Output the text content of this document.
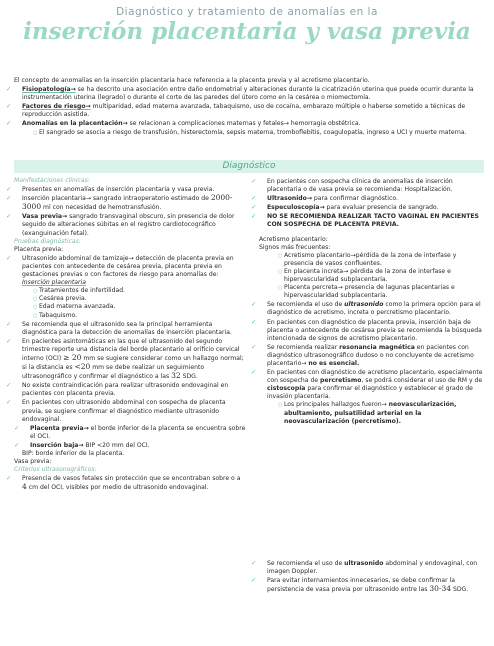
Diagnóstico y tratamiento de anomalías en la
inserción placentaria y vasa previa

El concepto de anomalías en la inserción placentaria hace referencia a la placenta previa y al acretismo placentario.

✓ Fisiopatología→ se ha descrito una asociación entre daño endometrial y alteraciones durante la cicatrización uterina que puede ocurrir durante la instrumentación uterina (legrado) o durante el corte de las paredes del útero como en la cesárea o miomectomía.
✓ Factores de riesgo→ multiparidad, edad materna avanzada, tabaquismo, uso de cocaína, embarazo múltiple o haberse sometido a técnicas de reproducción asistida.
✓ Anomalías en la placentación→ se relacionan a complicaciones maternas y fetales→ hemorragia obstétrica.
○ El sangrado se asocia a riesgo de transfusión, histerectomía, sepsis materna, tromboflebitis, coagulopatía, ingreso a UCI y muerte materna.
Diagnóstico
Manifestaciones clínicas:
✓ Presentes en anomalías de inserción placentaria y vasa previa.
✓ Inserción placentaria→ sangrado intraoperatorio estimado de 2000-3000 ml con necesidad de hemotransfusión.
✓ Vasa previa→ sangrado transvaginal obscuro, sin presencia de dolor seguido de alteraciones súbitas en el registro cardiotocográfico (exanguinación fetal).
Pruebas diagnósticas:
Placenta previa:
✓ Ultrasonido abdominal de tamizaje→ detección de placenta previa en pacientes con antecedente de cesárea previa, placenta previa en gestaciones previas o con factores de riesgo para anomalías de: Inserción placentaria
○ Tratamientos de infertilidad.
○ Cesárea previa.
○ Edad materna avanzada.
○ Tabaquismo.
✓ Se recomienda que el ultrasonido sea la principal herramienta diagnóstica para la detección de anomalías de inserción placentaria.
✓ En pacientes asintomáticas en las que el ultrasonido del segundo trimestre reporte una distancia del borde placentario al orificio cervical interno (OCI) ≥ 20 mm se sugiere considerar como un hallazgo normal; si la distancia es <20 mm se debe realizar un seguimiento ultrasonográfico y confirmar el diagnóstico a las 32 SDG.
✓ No existe contraindicación para realizar ultrasonido endovaginal en pacientes con placenta previa.
✓ En pacientes con ultrasonido abdominal con sospecha de placenta previa, se sugiere confirmar el diagnóstico mediante ultrasonido endovaginal.
✓ Placenta previa→ el borde inferior de la placenta se encuentra sobre el OCI.
✓ Inserción baja→ BIP <20 mm del OCI.
BIP: borde inferior de la placenta.
Vasa previa:
Criterios ultrasonográficos:
✓ Presencia de vasos fetales sin protección que se encontraban sobre o a 4 cm del OCI, visibles por medio de ultrasonido endovaginal.
✓ En pacientes con sospecha clínica de anomalías de inserción placentaria o de vasa previa se recomienda: Hospitalización.
✓ Ultrasonido→ para confirmar diagnóstico.
✓ Especuloscopía→ para evaluar presencia de sangrado.
✓ NO SE RECOMIENDA REALIZAR TACTO VAGINAL EN PACIENTES CON SOSPECHA DE PLACENTA PREVIA.
Acretismo placentario:
Signos más frecuentes:
○ Acretismo placentario→pérdida de la zona de interfase y presencia de vasos confluentes.
○ En placenta increta→ pérdida de la zona de interfase e hipervascularidad subplacentaria.
○ Placenta percreta→ presencia de lagunas placentarias e hipervascularidad subplacentaria.
✓ Se recomienda el uso de ultrasonido como la primera opción para el diagnóstico de acretismo, increta o percretismo placentario.
✓ En pacientes con diagnóstico de placenta previa, inserción baja de placenta o antecedente de cesárea previa se recomienda la búsqueda intencionada de signos de acretismo placentario.
✓ Se recomienda realizar resonancia magnética en pacientes con diagnóstico ultrasonográfico dudoso o no concluyente de acretismo placentario→ no es esencial.
✓ En pacientes con diagnóstico de acretismo placentario, especialmente con sospecha de percretismo, se podrá considerar el uso de RM y de cistoscopía para confirmar el diagnóstico y establecer el grado de invasión placentaria.
○ Los principales hallazgos fueron→ neovascularización, abultamiento, pulsatilidad arterial en la neovascularización (percretismo).
✓ Se recomienda el uso de ultrasonido abdominal y endovaginal, con imagen Doppler.
✓ Para evitar internamientos innecesarios, se debe confirmar la persistencia de vasa previa por ultrasonido entre las 30-34 SDG.
